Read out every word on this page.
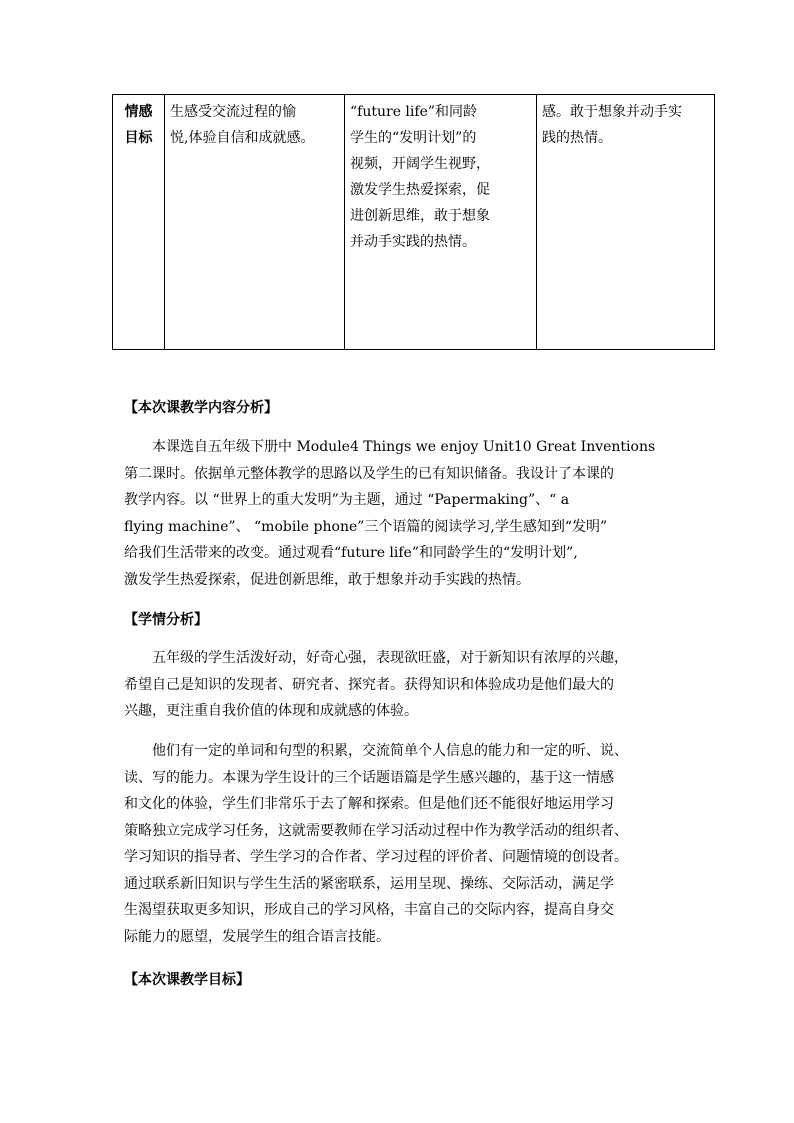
情感
目标

生感受交流过程的愉
悦,体验自信和成就感。

“future life”和同龄
学生的“发明计划”的
视频，开阔学生视野，
激发学生热爱探索，促
进创新思维，敢于想象
并动手实践的热情。

感。敢于想象并动手实
践的热情。
【本次课教学内容分析】
本课选自五年级下册中 Module4 Things we enjoy Unit10 Great Inventions
第二课时。依据单元整体教学的思路以及学生的已有知识储备。我设计了本课的
教学内容。以 “世界上的重大发明”为主题，通过 “Papermaking”、“ a
flying machine”、 “mobile phone”三个语篇的阅读学习,学生感知到“发明”
给我们生活带来的改变。通过观看“future life”和同龄学生的“发明计划”,
激发学生热爱探索，促进创新思维，敢于想象并动手实践的热情。
【学情分析】
五年级的学生活泼好动，好奇心强，表现欲旺盛，对于新知识有浓厚的兴趣，
希望自己是知识的发现者、研究者、探究者。获得知识和体验成功是他们最大的
兴趣，更注重自我价值的体现和成就感的体验。
他们有一定的单词和句型的积累，交流简单个人信息的能力和一定的听、说、
读、写的能力。本课为学生设计的三个话题语篇是学生感兴趣的，基于这一情感
和文化的体验，学生们非常乐于去了解和探索。但是他们还不能很好地运用学习
策略独立完成学习任务，这就需要教师在学习活动过程中作为教学活动的组织者、
学习知识的指导者、学生学习的合作者、学习过程的评价者、问题情境的创设者。
通过联系新旧知识与学生生活的紧密联系，运用呈现、操练、交际活动，满足学
生渴望获取更多知识，形成自己的学习风格，丰富自己的交际内容，提高自身交
际能力的愿望，发展学生的组合语言技能。
【本次课教学目标】
